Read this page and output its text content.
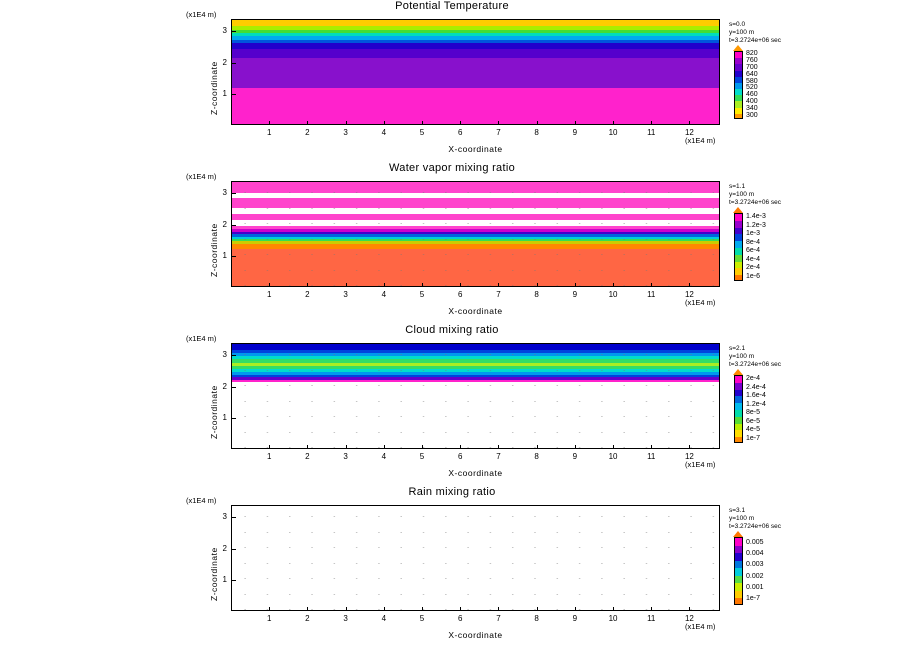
Potential Temperature
(x1E4 m)
1	2	3	4	5	6	7	8	9	10	11	12
1
2
3
Z-coordinate
X-coordinate
(x1E4 m)
s=0.0
y=100 m
t=3.2724e+06 sec
300
340
400
460
520
580
640
700
760
820
Water vapor mixing ratio
(x1E4 m)
1	2	3	4	5	6	7	8	9	10	11	12
1
2
3
Z-coordinate
X-coordinate
(x1E4 m)
s=1.1
y=100 m
t=3.2724e+06 sec
1e-6
2e-4
4e-4
6e-4
8e-4
1e-3
1.2e-3
1.4e-3
Cloud mixing ratio
(x1E4 m)
1	2	3	4	5	6	7	8	9	10	11	12
1
2
3
Z-coordinate
X-coordinate
(x1E4 m)
s=2.1
y=100 m
t=3.2724e+06 sec
1e-7
4e-5
6e-5
8e-5
1.2e-4
1.6e-4
2.4e-4
2e-4
Rain mixing ratio
(x1E4 m)
1	2	3	4	5	6	7	8	9	10	11	12
1
2
3
Z-coordinate
X-coordinate
(x1E4 m)
s=3.1
y=100 m
t=3.2724e+06 sec
1e-7
0.001
0.002
0.003
0.004
0.005
